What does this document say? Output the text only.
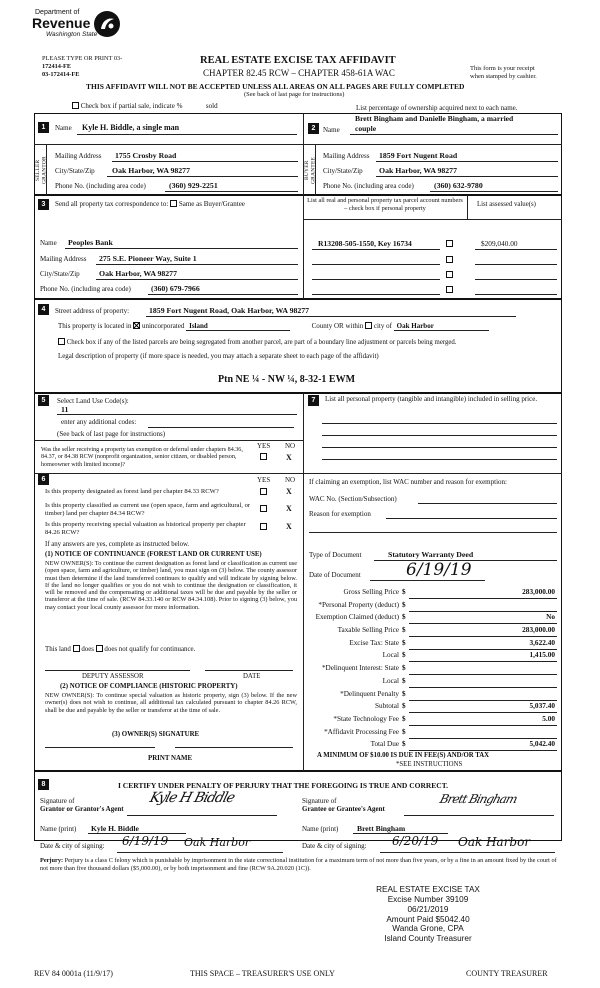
Department of
Revenue
Washington State
PLEASE TYPE OR PRINT 03-
172414-FE
03-172414-FE
REAL ESTATE EXCISE TAX AFFIDAVIT
CHAPTER 82.45 RCW – CHAPTER 458-61A WAC	This form is your receipt
when stamped by cashier.
THIS AFFIDAVIT WILL NOT BE ACCEPTED UNLESS ALL AREAS ON ALL PAGES ARE FULLY COMPLETED
(See back of last page for instructions)
Check box if partial sale, indicate %	sold	List percentage of ownership acquired next to each name.
1	Name Kyle H. Biddle, a single man
SELLER GRANTOR
Mailing Address 1755 Crosby Road
City/State/Zip Oak Harbor, WA 98277
Phone No. (including area code)	(360) 929-2251
Brett Bingham and Danielle Bingham, a married
2	Name couple
BUYER GRANTEE
Mailing Address 1859 Fort Nugent Road
City/State/Zip Oak Harbor, WA 98277
Phone No. (including area code)	(360) 632-9780
3	Send all property tax correspondence to: Same as Buyer/Grantee	List all real and personal property tax parcel account numbers – check box if personal property
List assessed value(s)
Name Peoples Bank
Mailing Address 275 S.E. Pioneer Way, Suite 1
City/State/Zip Oak Harbor, WA 98277
Phone No. (including area code)	(360) 679-7966
R13208-505-1550, Key 16734	$209,040.00
4	Street address of property:	1859 Fort Nugent Road, Oak Harbor, WA 98277
This property is located in unincorporated Island	County OR within city of Oak Harbor
Check box if any of the listed parcels are being segregated from another parcel, are part of a boundary line adjustment or parcels being merged.
Legal description of property (if more space is needed, you may attach a separate sheet to each page of the affidavit)
Ptn NE ¼ - NW ¼, 8-32-1 EWM
5	Select Land Use Code(s):
11
enter any additional codes:
(See back of last page for instructions)
YES NO
Was the seller receiving a property tax exemption or deferral under chapters 84.36, 84.37, or 84.38 RCW (nonprofit organization, senior citizen, or disabled person, homeowner with limited income)?
X
6	YES NO
Is this property designated as forest land per chapter 84.33 RCW?	X
Is this property classified as current use (open space, farm and agricultural, or timber) land per chapter 84.34 RCW?
X
Is this property receiving special valuation as historical property per chapter 84.26 RCW?
X
If any answers are yes, complete as instructed below.
(1) NOTICE OF CONTINUANCE (FOREST LAND OR CURRENT USE)
NEW OWNER(S): To continue the current designation as forest land or classification as current use (open space, farm and agriculture, or timber) land, you must sign on (3) below. The county assessor must then determine if the land transferred continues to qualify and will indicate by signing below. If the land no longer qualifies or you do not wish to continue the designation or classification, it will be removed and the compensating or additional taxes will be due and payable by the seller or transferor at the time of sale. (RCW 84.33.140 or RCW 84.34.108). Prior to signing (3) below, you may contact your local county assessor for more information.
This land does does not qualify for continuance.
DEPUTY ASSESSOR	DATE
(2) NOTICE OF COMPLIANCE (HISTORIC PROPERTY)
NEW OWNER(S): To continue special valuation as historic property, sign (3) below. If the new owner(s) does not wish to continue, all additional tax calculated pursuant to chapter 84.26 RCW, shall be due and payable by the seller or transferor at the time of sale.
(3) OWNER(S) SIGNATURE
PRINT NAME
7	List all personal property (tangible and intangible) included in selling price.
If claiming an exemption, list WAC number and reason for exemption:
WAC No. (Section/Subsection)
Reason for exemption
Type of Document	Statutory Warranty Deed
Date of Document	6/19/19
Gross Selling Price $	283,000.00
*Personal Property (deduct) $
Exemption Claimed (deduct) $	No
Taxable Selling Price $	283,000.00
Excise Tax: State $	3,622.40
Local $	1,415.00
*Delinquent Interest: State $
Local $
*Delinquent Penalty $
Subtotal $	5,037.40
*State Technology Fee $	5.00
*Affidavit Processing Fee $
Total Due $	5,042.40
A MINIMUM OF $10.00 IS DUE IN FEE(S) AND/OR TAX
*SEE INSTRUCTIONS
8	I CERTIFY UNDER PENALTY OF PERJURY THAT THE FOREGOING IS TRUE AND CORRECT.
Signature of
Grantor or Grantor's Agent
Kyle H Biddle	Signature of
Grantee or Grantee's Agent
Brett Bingham
Name (print) Kyle H. Biddle	Name (print) Brett Bingham
Date & city of signing: 6/19/19 Oak Harbor	Date & city of signing: 6/20/19 Oak Harbor
Perjury: Perjury is a class C felony which is punishable by imprisonment in the state correctional institution for a maximum term of not more than five years, or by a fine in an amount fixed by the court of not more than five thousand dollars ($5,000.00), or by both imprisonment and fine (RCW 9A.20.020 (1C)).
REAL ESTATE EXCISE TAX
Excise Number 39109
06/21/2019
Amount Paid $5042.40
Wanda Grone, CPA
Island County Treasurer
REV 84 0001a (11/9/17)	THIS SPACE – TREASURER'S USE ONLY	COUNTY TREASURER
